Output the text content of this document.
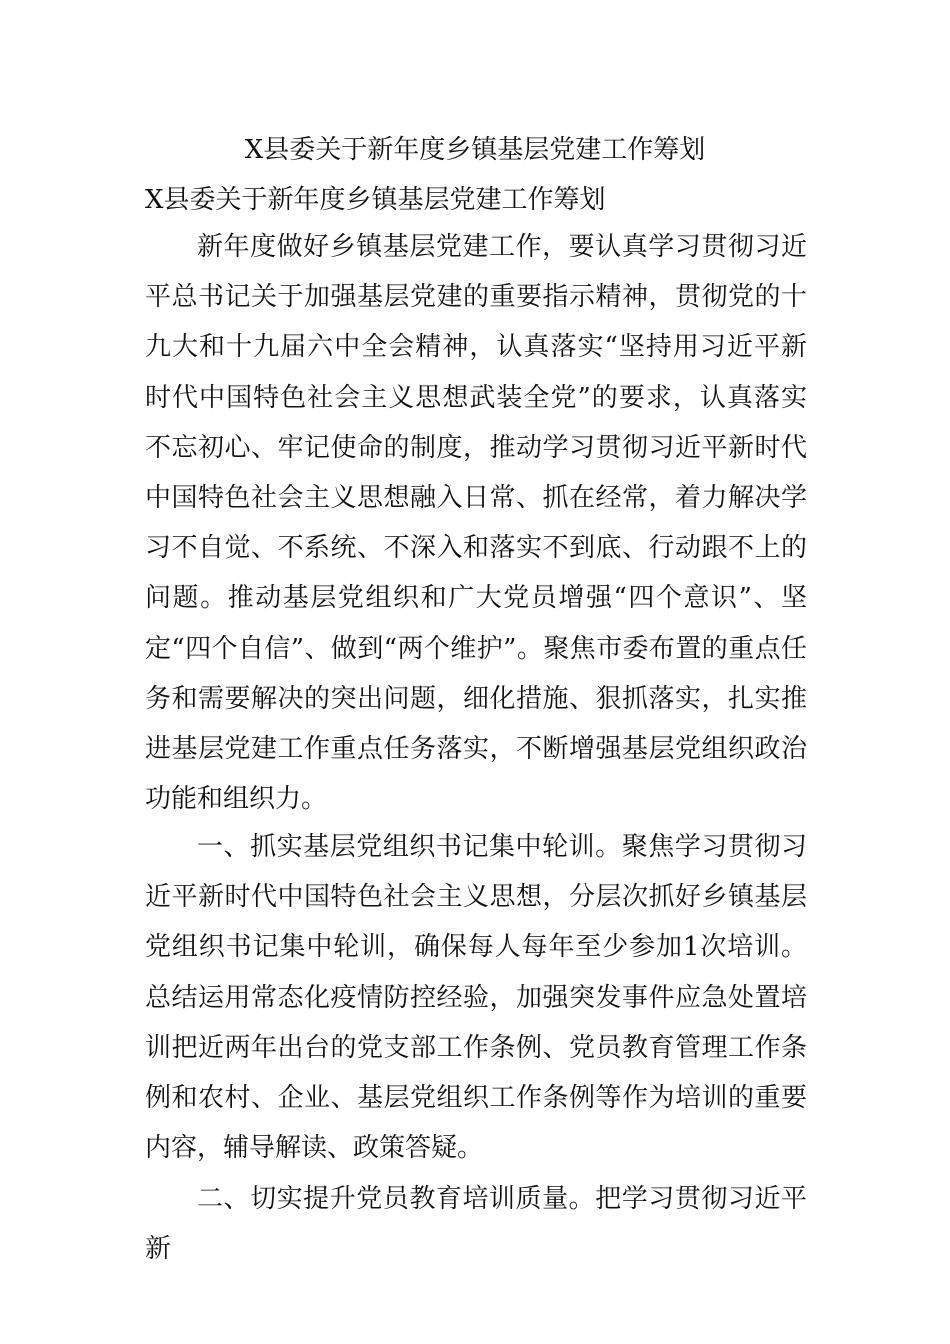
X县委关于新年度乡镇基层党建工作筹划
X县委关于新年度乡镇基层党建工作筹划

新年度做好乡镇基层党建工作，要认真学习贯彻习近平总书记关于加强基层党建的重要指示精神，贯彻党的十九大和十九届六中全会精神，认真落实“坚持用习近平新时代中国特色社会主义思想武装全党”的要求，认真落实不忘初心、牢记使命的制度，推动学习贯彻习近平新时代中国特色社会主义思想融入日常、抓在经常，着力解决学习不自觉、不系统、不深入和落实不到底、行动跟不上的问题。推动基层党组织和广大党员增强“四个意识”、坚定“四个自信”、做到“两个维护”。聚焦市委布置的重点任务和需要解决的突出问题，细化措施、狠抓落实，扎实推进基层党建工作重点任务落实，不断增强基层党组织政治功能和组织力。

一、抓实基层党组织书记集中轮训。聚焦学习贯彻习近平新时代中国特色社会主义思想，分层次抓好乡镇基层党组织书记集中轮训，确保每人每年至少参加1次培训。总结运用常态化疫情防控经验，加强突发事件应急处置培训把近两年出台的党支部工作条例、党员教育管理工作条例和农村、企业、基层党组织工作条例等作为培训的重要内容，辅导解读、政策答疑。

二、切实提升党员教育培训质量。把学习贯彻习近平新
